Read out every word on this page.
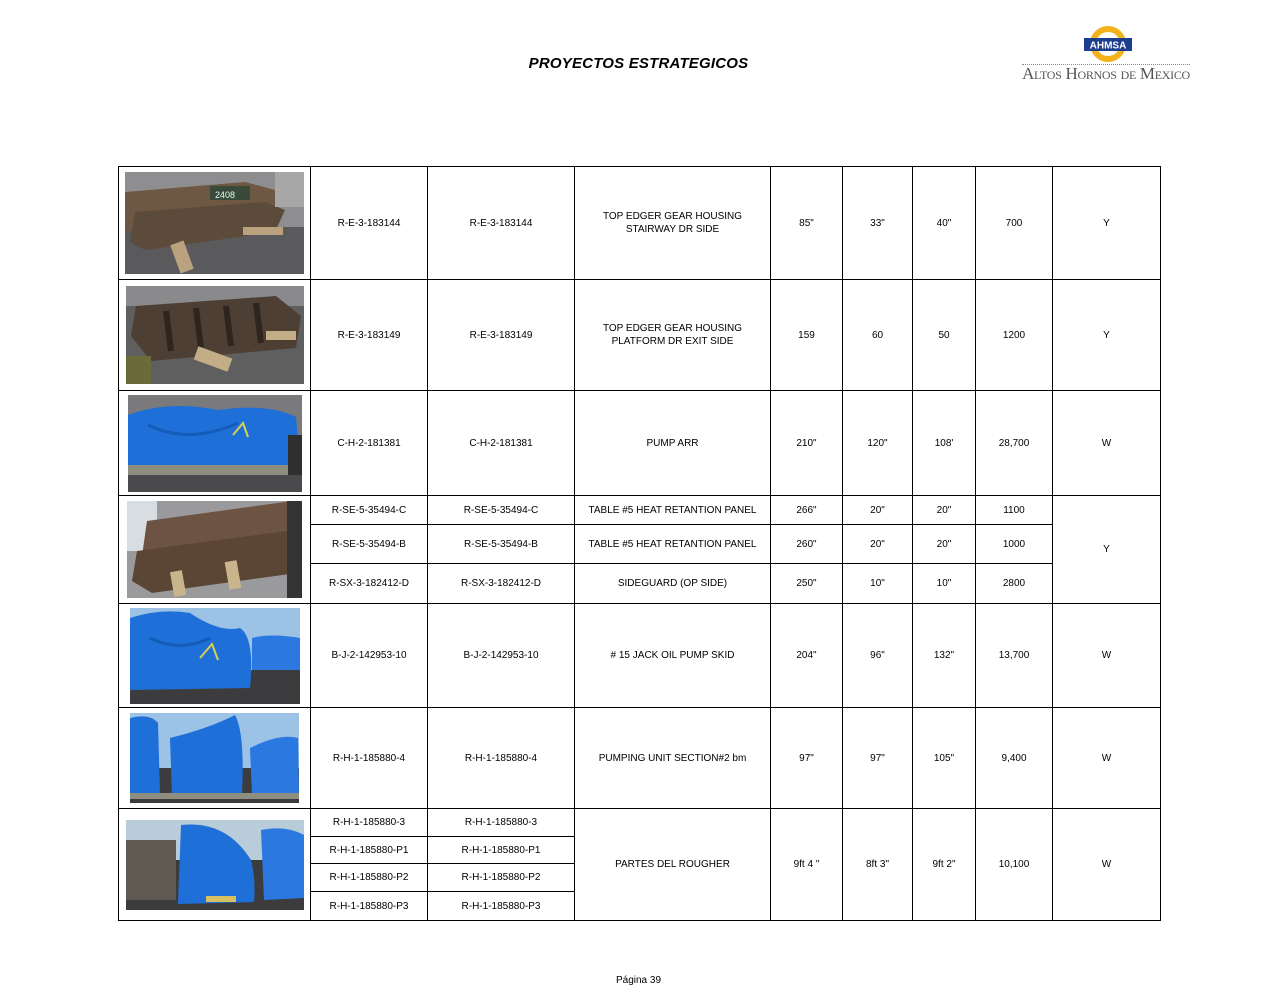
PROYECTOS ESTRATEGICOS
AHMSA
Altos Hornos de Mexico
2408	R-E-3-183144	R-E-3-183144	TOP EDGER GEAR HOUSING STAIRWAY DR SIDE	85"	33"	40"	700	Y

	R-E-3-183149	R-E-3-183149	TOP EDGER GEAR HOUSING PLATFORM DR EXIT SIDE	159	60	50	1200	Y

	C-H-2-181381	C-H-2-181381	PUMP ARR	210"	120"	108'	28,700	W

	R-SE-5-35494-C	R-SE-5-35494-C	TABLE #5 HEAT RETANTION PANEL	266"	20"	20"	1100	Y
	R-SE-5-35494-B	R-SE-5-35494-B	TABLE #5 HEAT RETANTION PANEL	260"	20"	20"	1000	
	R-SX-3-182412-D	R-SX-3-182412-D	SIDEGUARD (OP SIDE)	250"	10"	10"	2800	

	B-J-2-142953-10	B-J-2-142953-10	# 15 JACK OIL PUMP SKID	204"	96"	132"	13,700	W

	R-H-1-185880-4	R-H-1-185880-4	PUMPING UNIT SECTION#2 bm	97"	97"	105"	9,400	W

	R-H-1-185880-3	R-H-1-185880-3	PARTES DEL ROUGHER	9ft 4 "	8ft 3"	9ft 2"	10,100	W
	R-H-1-185880-P1	R-H-1-185880-P1						
	R-H-1-185880-P2	R-H-1-185880-P2						
	R-H-1-185880-P3	R-H-1-185880-P3						
Página 39
